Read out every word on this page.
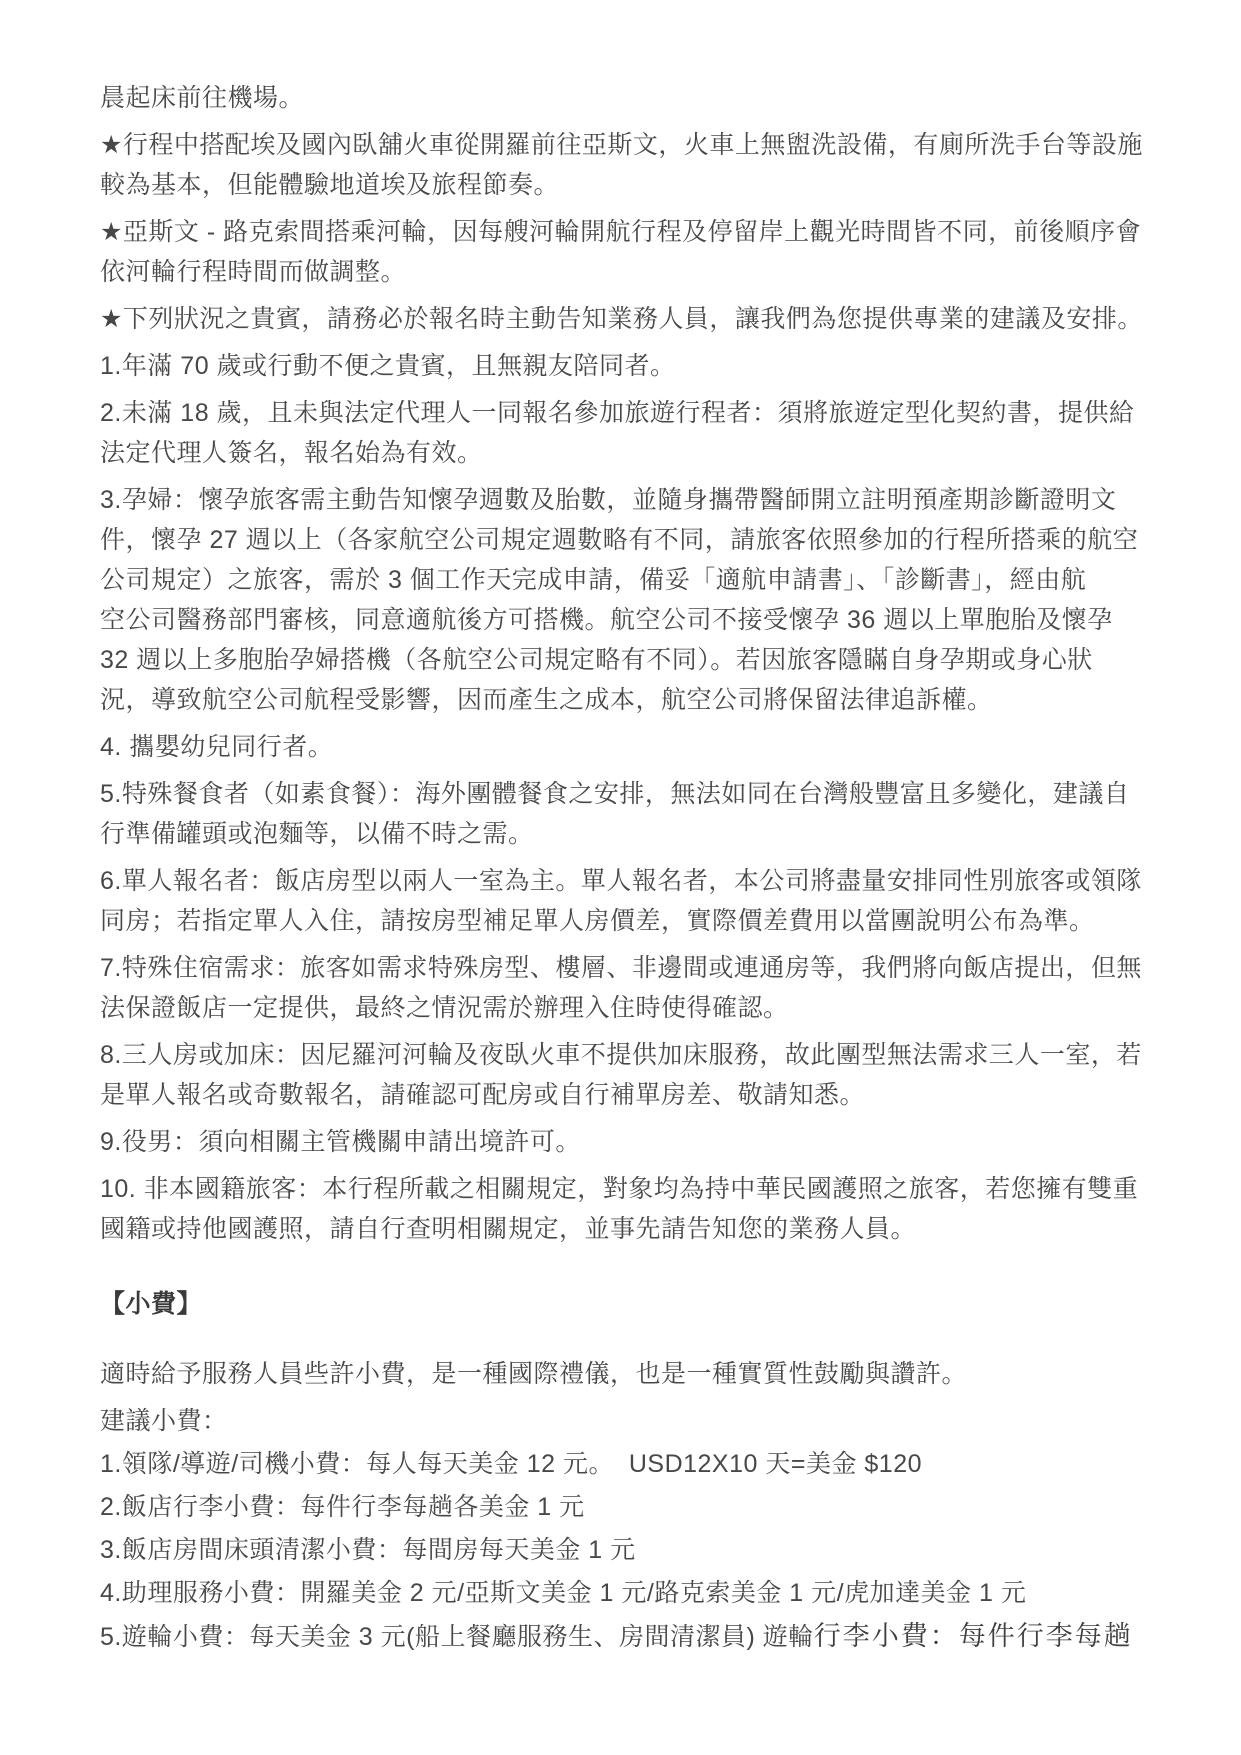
晨起床前往機場。
★行程中搭配埃及國內臥舖火車從開羅前往亞斯文，火車上無盥洗設備，有廁所洗手台等設施
較為基本，但能體驗地道埃及旅程節奏。
★亞斯文 - 路克索間搭乘河輪，因每艘河輪開航行程及停留岸上觀光時間皆不同，前後順序會
依河輪行程時間而做調整。
★下列狀況之貴賓，請務必於報名時主動告知業務人員，讓我們為您提供專業的建議及安排。
1.年滿 70 歲或行動不便之貴賓，且無親友陪同者。
2.未滿 18 歲，且未與法定代理人一同報名參加旅遊行程者：須將旅遊定型化契約書，提供給
法定代理人簽名，報名始為有效。
3.孕婦：懷孕旅客需主動告知懷孕週數及胎數，並隨身攜帶醫師開立註明預產期診斷證明文
件，懷孕 27 週以上（各家航空公司規定週數略有不同，請旅客依照參加的行程所搭乘的航空
公司規定）之旅客，需於 3 個工作天完成申請，備妥「適航申請書」、「診斷書」，經由航
空公司醫務部門審核，同意適航後方可搭機。航空公司不接受懷孕 36 週以上單胞胎及懷孕
32 週以上多胞胎孕婦搭機（各航空公司規定略有不同）。若因旅客隱瞞自身孕期或身心狀
況，導致航空公司航程受影響，因而產生之成本，航空公司將保留法律追訴權。
4. 攜嬰幼兒同行者。
5.特殊餐食者（如素食餐）：海外團體餐食之安排，無法如同在台灣般豐富且多變化，建議自
行準備罐頭或泡麵等，以備不時之需。
6.單人報名者：飯店房型以兩人一室為主。單人報名者，本公司將盡量安排同性別旅客或領隊
同房；若指定單人入住，請按房型補足單人房價差，實際價差費用以當團說明公布為準。
7.特殊住宿需求：旅客如需求特殊房型、樓層、非邊間或連通房等，我們將向飯店提出，但無
法保證飯店一定提供，最終之情況需於辦理入住時使得確認。
8.三人房或加床：因尼羅河河輪及夜臥火車不提供加床服務，故此團型無法需求三人一室，若
是單人報名或奇數報名，請確認可配房或自行補單房差、敬請知悉。
9.役男：須向相關主管機關申請出境許可。
10. 非本國籍旅客：本行程所載之相關規定，對象均為持中華民國護照之旅客，若您擁有雙重
國籍或持他國護照，請自行查明相關規定，並事先請告知您的業務人員。
【小費】
適時給予服務人員些許小費，是一種國際禮儀，也是一種實質性鼓勵與讚許。
建議小費：
1.領隊/導遊/司機小費：每人每天美金 12 元。  USD12X10 天=美金 $120
2.飯店行李小費：每件行李每趟各美金 1 元
3.飯店房間床頭清潔小費：每間房每天美金 1 元
4.助理服務小費：開羅美金 2 元/亞斯文美金 1 元/路克索美金 1 元/虎加達美金 1 元
5.遊輪小費：每天美金 3 元(船上餐廳服務生、房間清潔員) 遊輪行李小費：每件行李每趟
